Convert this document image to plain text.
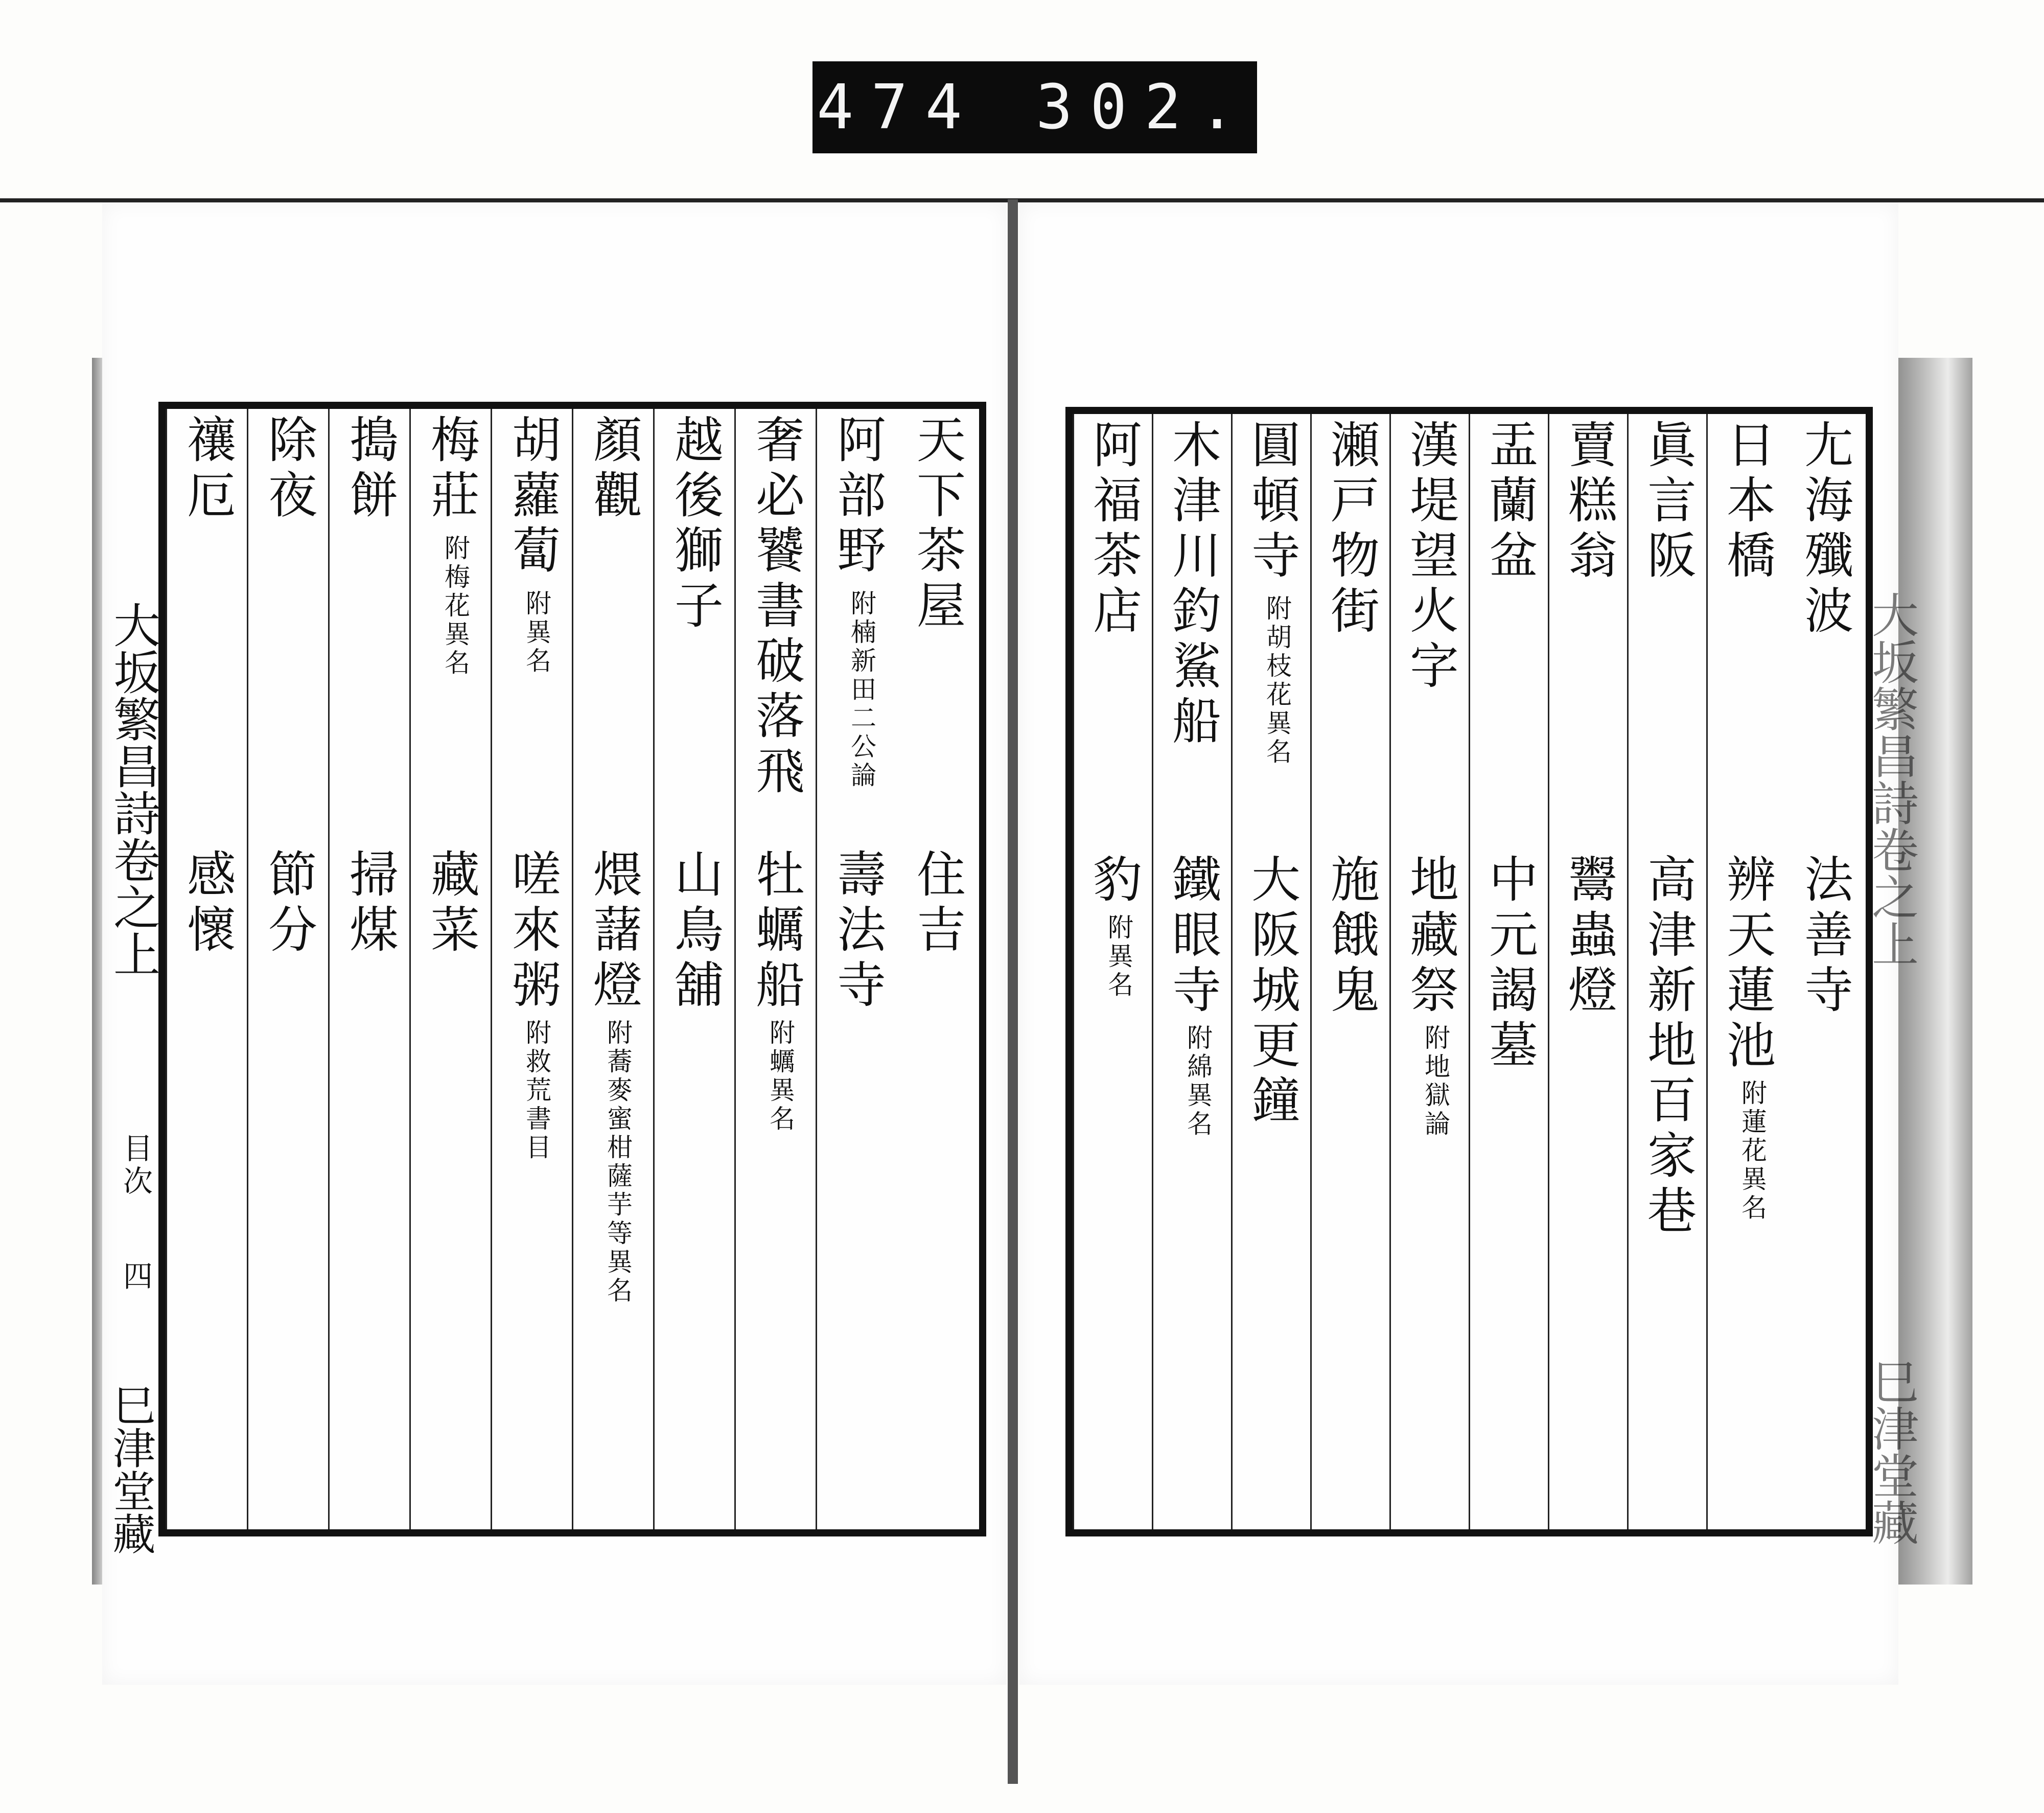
474 302.
大坂繁昌詩卷之上
目次
四
巳津堂藏
天下茶屋
住吉
阿部野
附楠新田二公論
壽法寺
奢必饕書破落飛
牡蠣船
附蠣異名
越後獅子
山鳥舖
顏觀
煨藷燈
附蕎麥蜜柑薩芋等異名
胡蘿蔔
附異名
嗟來粥
附救荒書目
梅莊
附梅花異名
藏菜
搗餅
掃煤
除夜
節分
禳厄
感懷
尢海殲波
法善寺
日本橋
辨天蓮池
附蓮花異名
眞言阪
高津新地百家巷
賣糕翁
鬻蟲燈
盂蘭盆
中元謁墓
漢堤望火字
地藏祭
附地獄論
瀬戸物街
施餓鬼
圓頓寺
附胡枝花異名
大阪城更鐘
木津川釣鯊船
鐵眼寺
附綿異名
阿福茶店
豹
附異名	大坂繁昌詩卷之上
巳津堂藏
